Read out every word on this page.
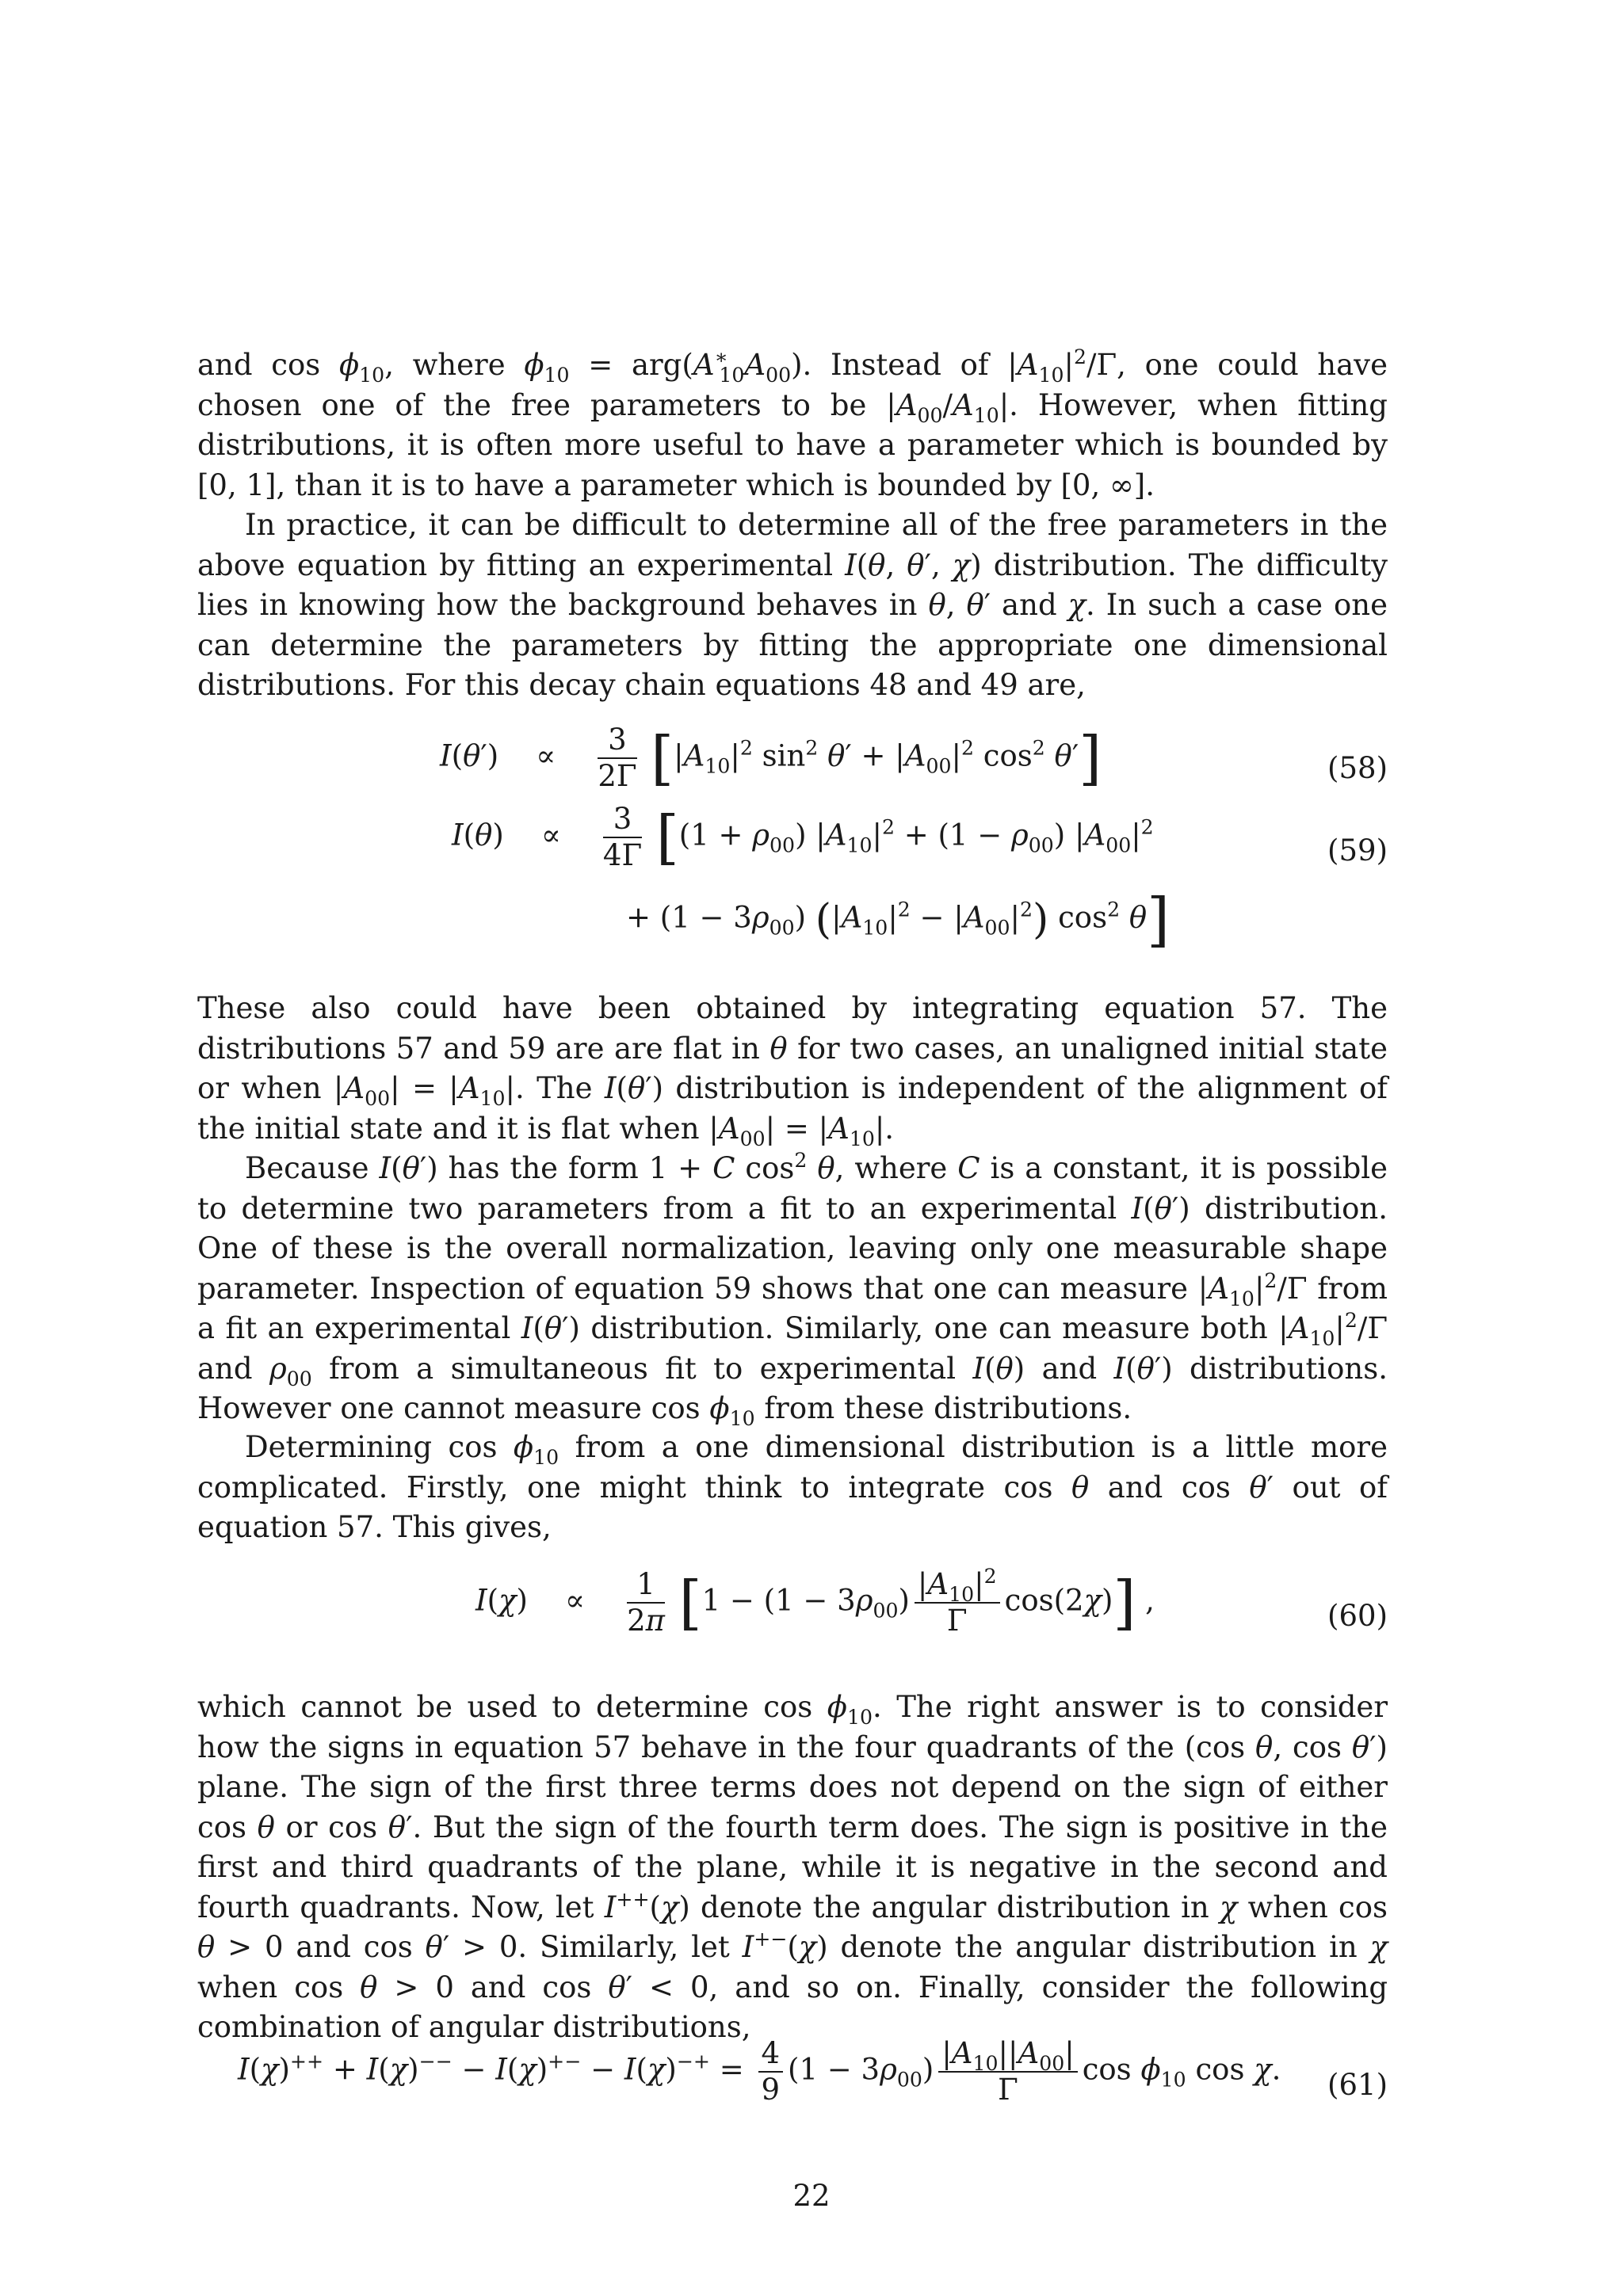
and $\cos \phi_{10}$, where $\phi_{10} = arg(A^∗_{10}A_{00})$. Instead of $|A_{10}|^2/\Gamma$, one could have chosen one of the free parameters to be $|A_{00}/A_{10}|$. However, when fitting distributions, it is often more useful to have a parameter which is bounded by [0, 1], than it is to have a parameter which is bounded by [0, ∞].

In practice, it can be difficult to determine all of the free parameters in the above equation by fitting an experimental I(θ, θ′, χ) distribution. The difficulty lies in knowing how the background behaves in θ, θ′ and χ. In such a case one can determine the parameters by fitting the appropriate one dimensional distributions. For this decay chain equations 48 and 49 are,

I(θ′)    ∝ $\frac{3}{2\Gamma} [|A_{10}|^2$ $\sin^2 \theta' + |A_{00}|^2$ $\cos^2 \theta'$]	(58)
I(θ)    ∝ $\frac{3}{4\Gamma} [(1 + \rho_{00}) |A_{10}|^2 + (1 - \rho_{00})$ $|A_{00}|^2$
(59)
+ $(1 - 3\rho_{00})$ $(|A_{10}|^2 - |A_{00}|^2)$ $\cos^2 \theta$]

These also could have been obtained by integrating equation 57. The distributions 57 and 59 are are flat in θ for two cases, an unaligned initial state or when $|A_{00}| = |A_{10}|$. The I(θ′) distribution is independent of the alignment of the initial state and it is flat when $|A_{00}| = |A_{10}|$.

Because I(θ′) has the form 1 + C $\cos^2 \theta$, where C is a constant, it is possible to determine two parameters from a fit to an experimental I(θ′) distribution. One of these is the overall normalization, leaving only one measurable shape parameter. Inspection of equation 59 shows that one can measure $|A_{10}|^2/\Gamma$ from a fit an experimental I(θ′) distribution. Similarly, one can measure both $|A_{10}|^2/\Gamma$ and $\rho_{00}$ from a simultaneous fit to experimental I(θ) and I(θ′) distributions. However one cannot measure $\cos \phi_{10}$ from these distributions.

Determining $\cos \phi_{10}$ from a one dimensional distribution is a little more complicated. Firstly, one might think to integrate cos θ and cos θ′ out of equation 57. This gives,

I(χ)    ∝ $\frac{1}{2\pi} [1 - (1 - 3\rho_{00}) \frac{|A_{10}|^2}{\Gamma} \cos(2\chi)]$ ,	(60)

which cannot be used to determine $\cos \phi_{10}$. The right answer is to consider how the signs in equation 57 behave in the four quadrants of the (cos θ, cos θ′) plane. The sign of the first three terms does not depend on the sign of either cos θ or cos θ′. But the sign of the fourth term does. The sign is positive in the first and third quadrants of the plane, while it is negative in the second and fourth quadrants. Now, let I++(χ) denote the angular distribution in χ when cos θ > 0 and cos θ′ > 0. Similarly, let I+−(χ) denote the angular distribution in χ when cos θ > 0 and cos θ′ < 0, and so on. Finally, consider the following combination of angular distributions,

$I(\chi)^{++} + I(\chi)^{--} - I(\chi)^{+-} - I(\chi)^{-+} = \frac{4}{9} (1 - 3\rho_{00}) \frac{|A_{10}||A_{00}|}{\Gamma}$ $\cos \phi_{10}$ cos χ. (61)
22
